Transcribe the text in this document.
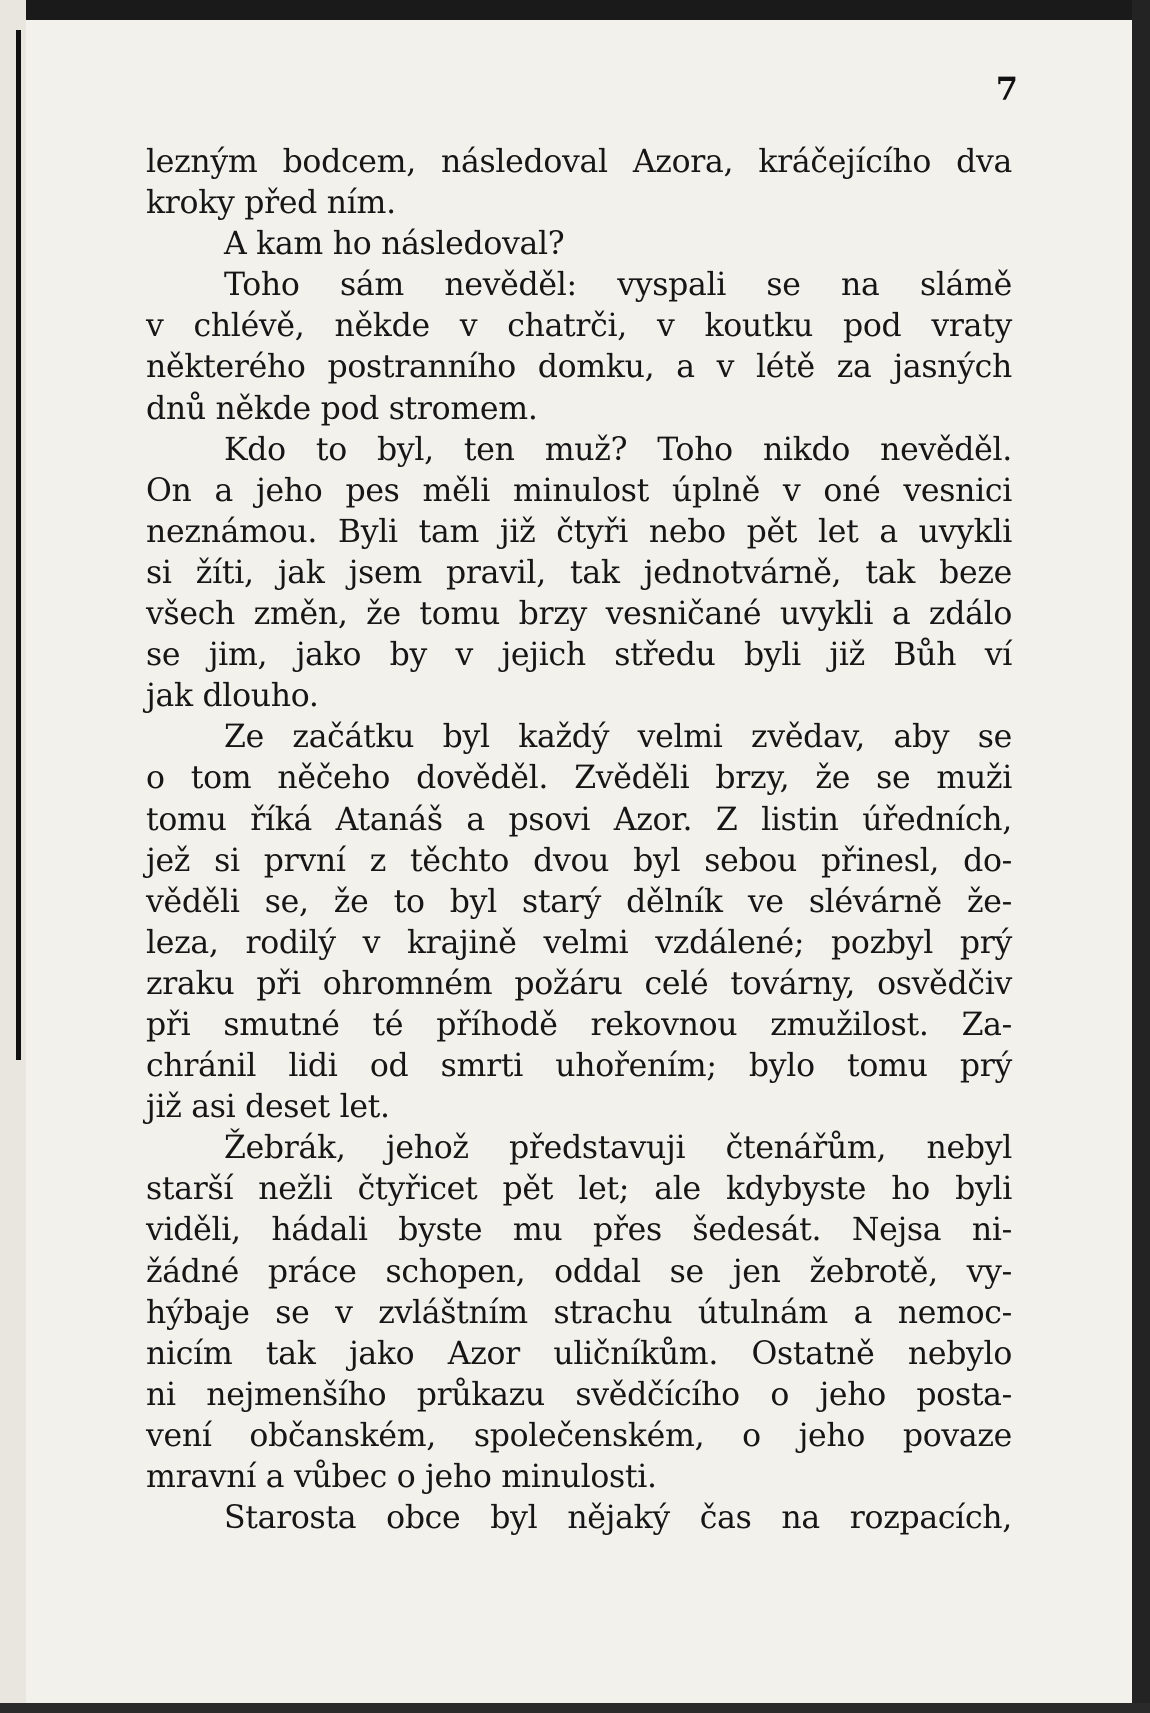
7
lezným bodcem, následoval Azora, kráčejícího dva
kroky před ním.
A kam ho následoval?
Toho sám nevěděl: vyspali se na slámě
v chlévě, někde v chatrči, v koutku pod vraty
některého postranního domku, a v létě za jasných
dnů někde pod stromem.
Kdo to byl, ten muž? Toho nikdo nevěděl.
On a jeho pes měli minulost úplně v oné vesnici
neznámou. Byli tam již čtyři nebo pět let a uvykli
si žíti, jak jsem pravil, tak jednotvárně, tak beze
všech změn, že tomu brzy vesničané uvykli a zdálo
se jim, jako by v jejich středu byli již Bůh ví
jak dlouho.
Ze začátku byl každý velmi zvědav, aby se
o tom něčeho dověděl. Zvěděli brzy, že se muži
tomu říká Atanáš a psovi Azor. Z listin úředních,
jež si první z těchto dvou byl sebou přinesl, do-
věděli se, že to byl starý dělník ve slévárně že-
leza, rodilý v krajině velmi vzdálené; pozbyl prý
zraku při ohromném požáru celé továrny, osvědčiv
při smutné té příhodě rekovnou zmužilost. Za-
chránil lidi od smrti uhořením; bylo tomu prý
již asi deset let.
Žebrák, jehož představuji čtenářům, nebyl
starší nežli čtyřicet pět let; ale kdybyste ho byli
viděli, hádali byste mu přes šedesát. Nejsa ni-
žádné práce schopen, oddal se jen žebrotě, vy-
hýbaje se v zvláštním strachu útulnám a nemoc-
nicím tak jako Azor uličníkům. Ostatně nebylo
ni nejmenšího průkazu svědčícího o jeho posta-
vení občanském, společenském, o jeho povaze
mravní a vůbec o jeho minulosti.
Starosta obce byl nějaký čas na rozpacích,
